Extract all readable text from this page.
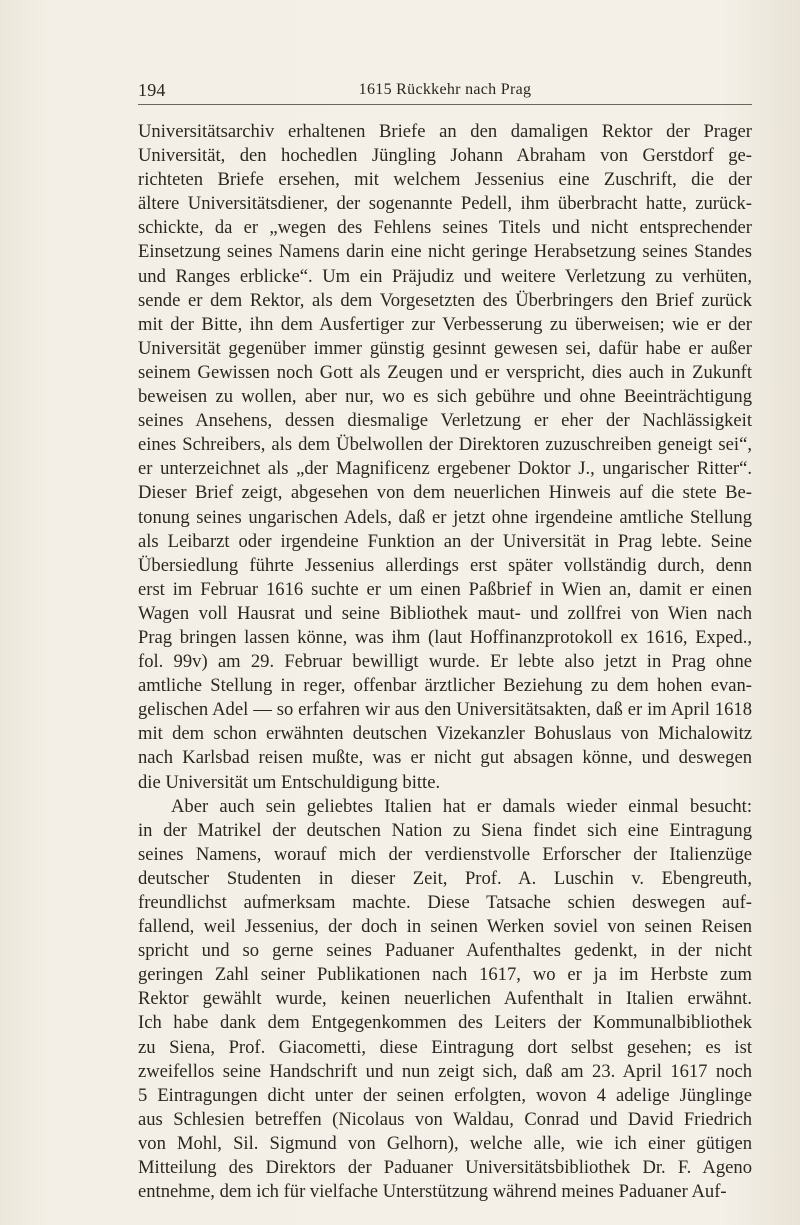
194	1615 Rückkehr nach Prag
Universitätsarchiv erhaltenen Briefe an den damaligen Rektor der Prager
Universität, den hochedlen Jüngling Johann Abraham von Gerstdorf ge-
richteten Briefe ersehen, mit welchem Jessenius eine Zuschrift, die der
ältere Universitätsdiener, der sogenannte Pedell, ihm überbracht hatte, zurück-
schickte, da er „wegen des Fehlens seines Titels und nicht entsprechender
Einsetzung seines Namens darin eine nicht geringe Herabsetzung seines Standes
und Ranges erblicke“. Um ein Präjudiz und weitere Verletzung zu verhüten,
sende er dem Rektor, als dem Vorgesetzten des Überbringers den Brief zurück
mit der Bitte, ihn dem Ausfertiger zur Verbesserung zu überweisen; wie er der
Universität gegenüber immer günstig gesinnt gewesen sei, dafür habe er außer
seinem Gewissen noch Gott als Zeugen und er verspricht, dies auch in Zukunft
beweisen zu wollen, aber nur, wo es sich gebühre und ohne Beeinträchtigung
seines Ansehens, dessen diesmalige Verletzung er eher der Nachlässigkeit
eines Schreibers, als dem Übelwollen der Direktoren zuzuschreiben geneigt sei“,
er unterzeichnet als „der Magnificenz ergebener Doktor J., ungarischer Ritter“.
Dieser Brief zeigt, abgesehen von dem neuerlichen Hinweis auf die stete Be-
tonung seines ungarischen Adels, daß er jetzt ohne irgendeine amtliche Stellung
als Leibarzt oder irgendeine Funktion an der Universität in Prag lebte. Seine
Übersiedlung führte Jessenius allerdings erst später vollständig durch, denn
erst im Februar 1616 suchte er um einen Paßbrief in Wien an, damit er einen
Wagen voll Hausrat und seine Bibliothek maut- und zollfrei von Wien nach
Prag bringen lassen könne, was ihm (laut Hoffinanzprotokoll ex 1616, Exped.,
fol. 99v) am 29. Februar bewilligt wurde. Er lebte also jetzt in Prag ohne
amtliche Stellung in reger, offenbar ärztlicher Beziehung zu dem hohen evan-
gelischen Adel — so erfahren wir aus den Universitätsakten, daß er im April 1618
mit dem schon erwähnten deutschen Vizekanzler Bohuslaus von Michalowitz
nach Karlsbad reisen mußte, was er nicht gut absagen könne, und deswegen
die Universität um Entschuldigung bitte.
Aber auch sein geliebtes Italien hat er damals wieder einmal besucht:
in der Matrikel der deutschen Nation zu Siena findet sich eine Eintragung
seines Namens, worauf mich der verdienstvolle Erforscher der Italienzüge
deutscher Studenten in dieser Zeit, Prof. A. Luschin v. Ebengreuth,
freundlichst aufmerksam machte. Diese Tatsache schien deswegen auf-
fallend, weil Jessenius, der doch in seinen Werken soviel von seinen Reisen
spricht und so gerne seines Paduaner Aufenthaltes gedenkt, in der nicht
geringen Zahl seiner Publikationen nach 1617, wo er ja im Herbste zum
Rektor gewählt wurde, keinen neuerlichen Aufenthalt in Italien erwähnt.
Ich habe dank dem Entgegenkommen des Leiters der Kommunalbibliothek
zu Siena, Prof. Giacometti, diese Eintragung dort selbst gesehen; es ist
zweifellos seine Handschrift und nun zeigt sich, daß am 23. April 1617 noch
5 Eintragungen dicht unter der seinen erfolgten, wovon 4 adelige Jünglinge
aus Schlesien betreffen (Nicolaus von Waldau, Conrad und David Friedrich
von Mohl, Sil. Sigmund von Gelhorn), welche alle, wie ich einer gütigen
Mitteilung des Direktors der Paduaner Universitätsbibliothek Dr. F. Ageno
entnehme, dem ich für vielfache Unterstützung während meines Paduaner Auf-
